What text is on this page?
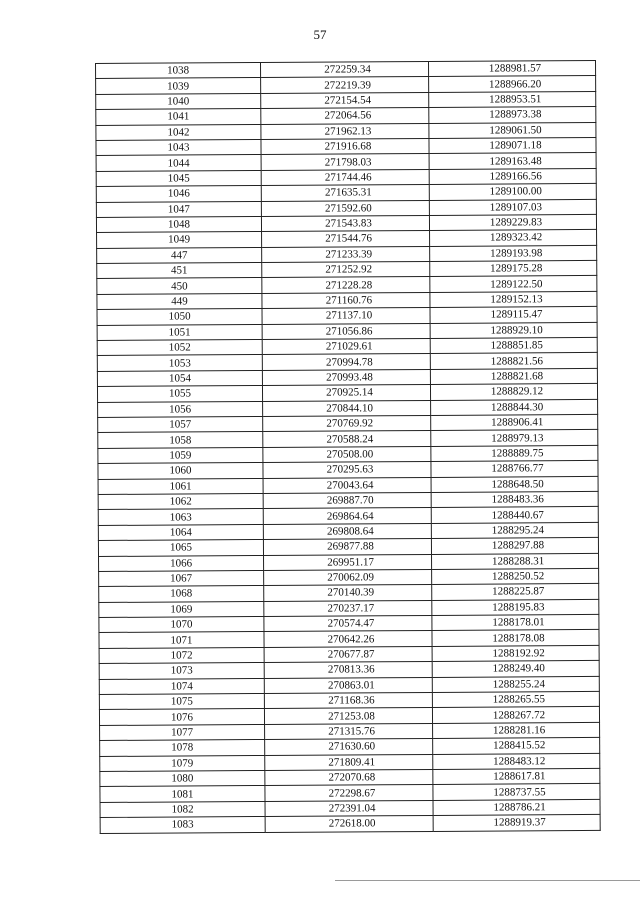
57
1038	272259.34	1288981.57
1039	272219.39	1288966.20
1040	272154.54	1288953.51
1041	272064.56	1288973.38
1042	271962.13	1289061.50
1043	271916.68	1289071.18
1044	271798.03	1289163.48
1045	271744.46	1289166.56
1046	271635.31	1289100.00
1047	271592.60	1289107.03
1048	271543.83	1289229.83
1049	271544.76	1289323.42
447	271233.39	1289193.98
451	271252.92	1289175.28
450	271228.28	1289122.50
449	271160.76	1289152.13
1050	271137.10	1289115.47
1051	271056.86	1288929.10
1052	271029.61	1288851.85
1053	270994.78	1288821.56
1054	270993.48	1288821.68
1055	270925.14	1288829.12
1056	270844.10	1288844.30
1057	270769.92	1288906.41
1058	270588.24	1288979.13
1059	270508.00	1288889.75
1060	270295.63	1288766.77
1061	270043.64	1288648.50
1062	269887.70	1288483.36
1063	269864.64	1288440.67
1064	269808.64	1288295.24
1065	269877.88	1288297.88
1066	269951.17	1288288.31
1067	270062.09	1288250.52
1068	270140.39	1288225.87
1069	270237.17	1288195.83
1070	270574.47	1288178.01
1071	270642.26	1288178.08
1072	270677.87	1288192.92
1073	270813.36	1288249.40
1074	270863.01	1288255.24
1075	271168.36	1288265.55
1076	271253.08	1288267.72
1077	271315.76	1288281.16
1078	271630.60	1288415.52
1079	271809.41	1288483.12
1080	272070.68	1288617.81
1081	272298.67	1288737.55
1082	272391.04	1288786.21
1083	272618.00	1288919.37
